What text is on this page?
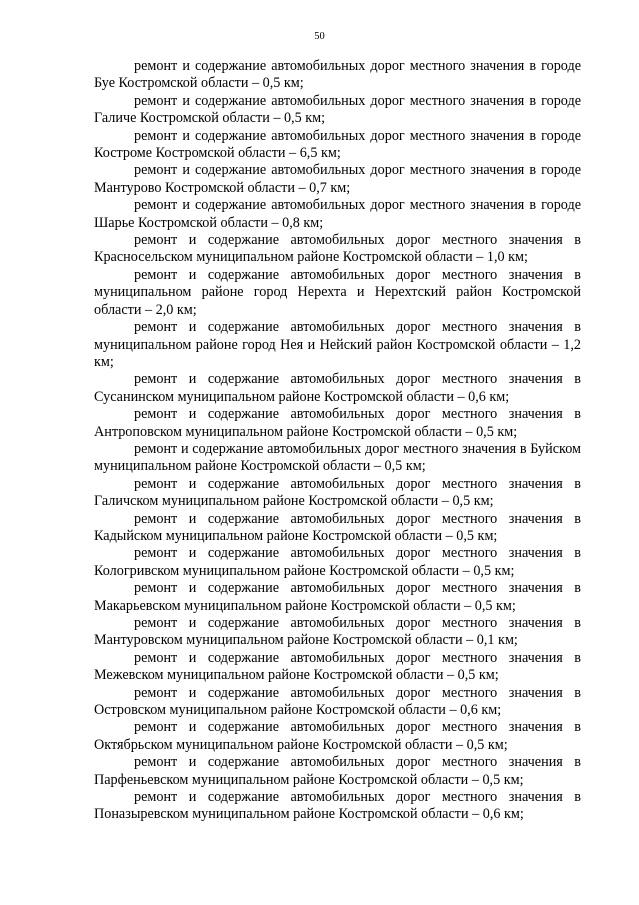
50

ремонт и содержание автомобильных дорог местного значения в городе Буе Костромской области – 0,5 км;

ремонт и содержание автомобильных дорог местного значения в городе Галиче Костромской области – 0,5 км;

ремонт и содержание автомобильных дорог местного значения в городе Костроме Костромской области – 6,5 км;

ремонт и содержание автомобильных дорог местного значения в городе Мантурово Костромской области – 0,7 км;

ремонт и содержание автомобильных дорог местного значения в городе Шарье Костромской области – 0,8 км;

ремонт и содержание автомобильных дорог местного значения в Красносельском муниципальном районе Костромской области – 1,0 км;

ремонт и содержание автомобильных дорог местного значения в муниципальном районе город Нерехта и Нерехтский район Костромской области – 2,0 км;

ремонт и содержание автомобильных дорог местного значения в муниципальном районе город Нея и Нейский район Костромской области – 1,2 км;

ремонт и содержание автомобильных дорог местного значения в Сусанинском муниципальном районе Костромской области – 0,6 км;

ремонт и содержание автомобильных дорог местного значения в Антроповском муниципальном районе Костромской области – 0,5 км;

ремонт и содержание автомобильных дорог местного значения в Буйском муниципальном районе Костромской области – 0,5 км;

ремонт и содержание автомобильных дорог местного значения в Галичском муниципальном районе Костромской области – 0,5 км;

ремонт и содержание автомобильных дорог местного значения в Кадыйском муниципальном районе Костромской области – 0,5 км;

ремонт и содержание автомобильных дорог местного значения в Кологривском муниципальном районе Костромской области – 0,5 км;

ремонт и содержание автомобильных дорог местного значения в Макарьевском муниципальном районе Костромской области – 0,5 км;

ремонт и содержание автомобильных дорог местного значения в Мантуровском муниципальном районе Костромской области – 0,1 км;

ремонт и содержание автомобильных дорог местного значения в Межевском муниципальном районе Костромской области – 0,5 км;

ремонт и содержание автомобильных дорог местного значения в Островском муниципальном районе Костромской области – 0,6 км;

ремонт и содержание автомобильных дорог местного значения в Октябрьском муниципальном районе Костромской области – 0,5 км;

ремонт и содержание автомобильных дорог местного значения в Парфеньевском муниципальном районе Костромской области – 0,5 км;

ремонт и содержание автомобильных дорог местного значения в Поназыревском муниципальном районе Костромской области – 0,6 км;
